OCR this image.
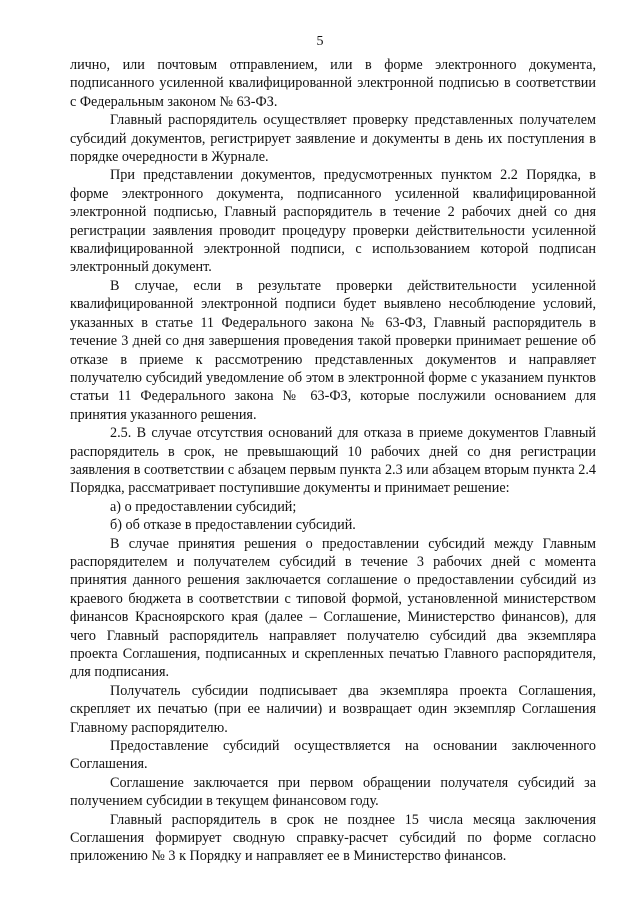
5

лично, или почтовым отправлением, или в форме электронного документа, подписанного усиленной квалифицированной электронной подписью в соответствии с Федеральным законом № 63-ФЗ.

Главный распорядитель осуществляет проверку представленных получателем субсидий документов, регистрирует заявление и документы в день их поступления в порядке очередности в Журнале.

При представлении документов, предусмотренных пунктом 2.2 Порядка, в форме электронного документа, подписанного усиленной квалифицированной электронной подписью, Главный распорядитель в течение 2 рабочих дней со дня регистрации заявления проводит процедуру проверки действительности усиленной квалифицированной электронной подписи, с использованием которой подписан электронный документ.

В случае, если в результате проверки действительности усиленной квалифицированной электронной подписи будет выявлено несоблюдение условий, указанных в статье 11 Федерального закона № 63-ФЗ, Главный распорядитель в течение 3 дней со дня завершения проведения такой проверки принимает решение об отказе в приеме к рассмотрению представленных документов и направляет получателю субсидий уведомление об этом в электронной форме с указанием пунктов статьи 11 Федерального закона № 63-ФЗ, которые послужили основанием для принятия указанного решения.

2.5. В случае отсутствия оснований для отказа в приеме документов Главный распорядитель в срок, не превышающий 10 рабочих дней со дня регистрации заявления в соответствии с абзацем первым пункта 2.3 или абзацем вторым пункта 2.4 Порядка, рассматривает поступившие документы и принимает решение:

а) о предоставлении субсидий;

б) об отказе в предоставлении субсидий.

В случае принятия решения о предоставлении субсидий между Главным распорядителем и получателем субсидий в течение 3 рабочих дней с момента принятия данного решения заключается соглашение о предоставлении субсидий из краевого бюджета в соответствии с типовой формой, установленной министерством финансов Красноярского края (далее – Соглашение, Министерство финансов), для чего Главный распорядитель направляет получателю субсидий два экземпляра проекта Соглашения, подписанных и скрепленных печатью Главного распорядителя, для подписания.

Получатель субсидии подписывает два экземпляра проекта Соглашения, скрепляет их печатью (при ее наличии) и возвращает один экземпляр Соглашения Главному распорядителю.

Предоставление субсидий осуществляется на основании заключенного Соглашения.

Соглашение заключается при первом обращении получателя субсидий за получением субсидии в текущем финансовом году.

Главный распорядитель в срок не позднее 15 числа месяца заключения Соглашения формирует сводную справку-расчет субсидий по форме согласно приложению № 3 к Порядку и направляет ее в Министерство финансов.
